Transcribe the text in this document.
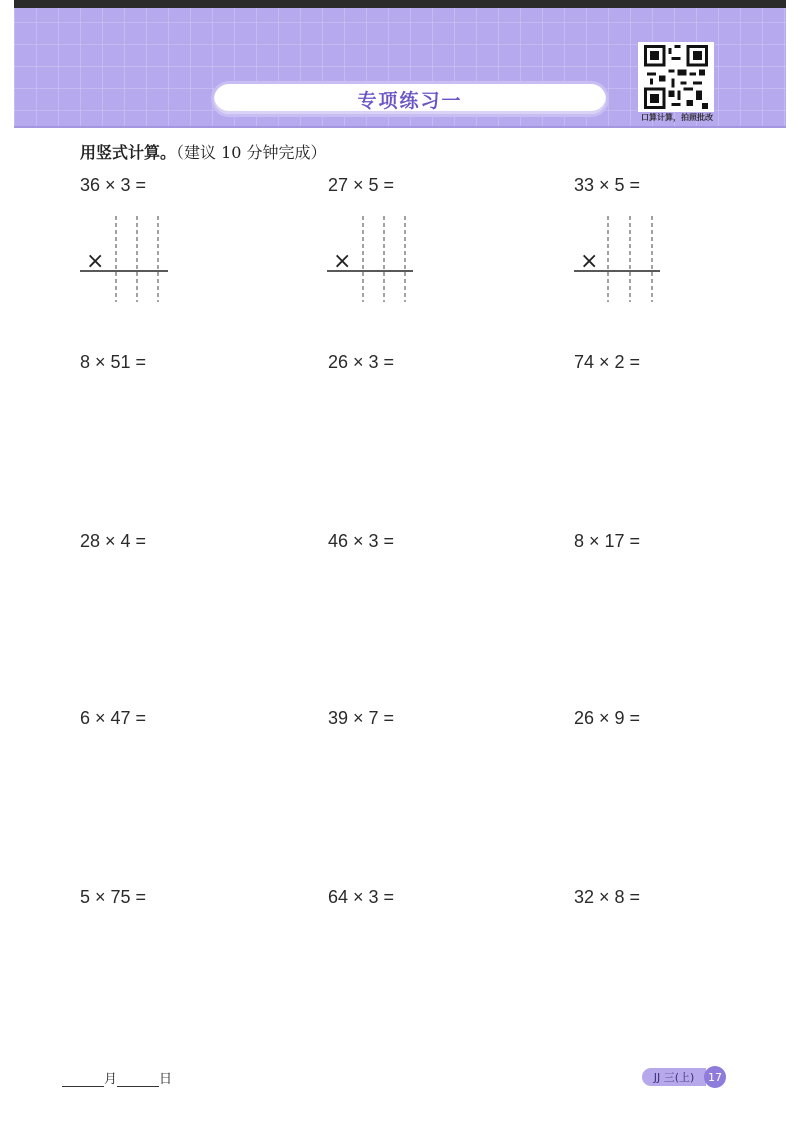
专项练习一
口算计算，拍照批改
用竖式计算。（建议 10 分钟完成）
36 × 3 =	27 × 5 =	33 × 5 =
×	×	×
8 × 51 =	26 × 3 =	74 × 2 =
28 × 4 =	46 × 3 =	8 × 17 =
6 × 47 =	39 × 7 =	26 × 9 =
5 × 75 =	64 × 3 =	32 × 8 =
月	日	JJ 三(上)	17
